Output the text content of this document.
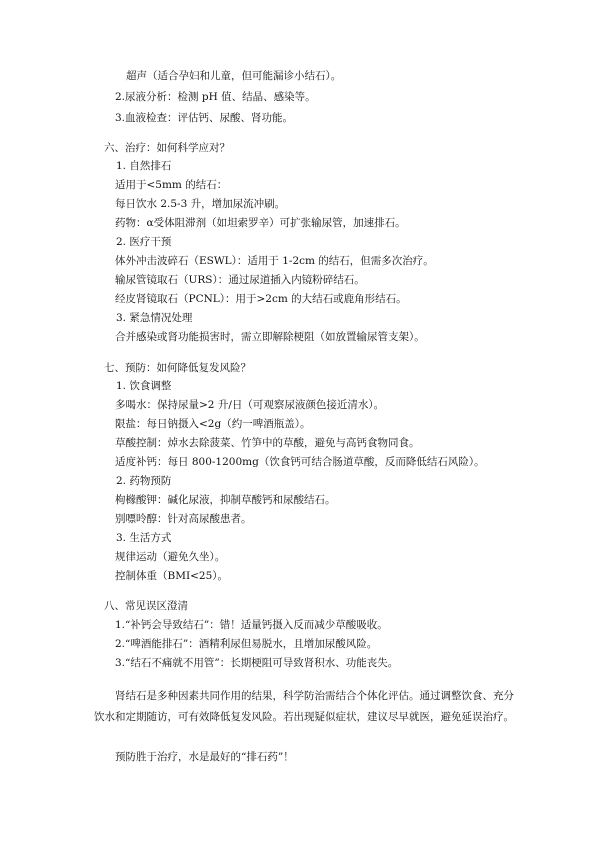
超声（适合孕妇和儿童，但可能漏诊小结石）。
2.尿液分析：检测 pH 值、结晶、感染等。
3.血液检查：评估钙、尿酸、肾功能。
六、治疗：如何科学应对？
1. 自然排石
适用于<5mm 的结石：
每日饮水 2.5-3 升，增加尿流冲刷。
药物：α受体阻滞剂（如坦索罗辛）可扩张输尿管，加速排石。
2. 医疗干预
体外冲击波碎石（ESWL）：适用于 1-2cm 的结石，但需多次治疗。
输尿管镜取石（URS）：通过尿道插入内镜粉碎结石。
经皮肾镜取石（PCNL）：用于>2cm 的大结石或鹿角形结石。
3. 紧急情况处理
合并感染或肾功能损害时，需立即解除梗阻（如放置输尿管支架）。
七、预防：如何降低复发风险？
1. 饮食调整
多喝水：保持尿量>2 升/日（可观察尿液颜色接近清水）。
限盐：每日钠摄入<2g（约一啤酒瓶盖）。
草酸控制：焯水去除菠菜、竹笋中的草酸，避免与高钙食物同食。
适度补钙：每日 800-1200mg（饮食钙可结合肠道草酸，反而降低结石风险）。
2. 药物预防
枸橼酸钾：碱化尿液，抑制草酸钙和尿酸结石。
别嘌呤醇：针对高尿酸患者。
3. 生活方式
规律运动（避免久坐）。
控制体重（BMI<25）。
八、常见误区澄清
1.“补钙会导致结石”：错！适量钙摄入反而减少草酸吸收。
2.“啤酒能排石”：酒精利尿但易脱水，且增加尿酸风险。
3.“结石不痛就不用管”：长期梗阻可导致肾积水、功能丧失。
肾结石是多种因素共同作用的结果，科学防治需结合个体化评估。通过调整饮食、充分饮水和定期随访，可有效降低复发风险。若出现疑似症状，建议尽早就医，避免延误治疗。
预防胜于治疗，水是最好的“排石药”！
